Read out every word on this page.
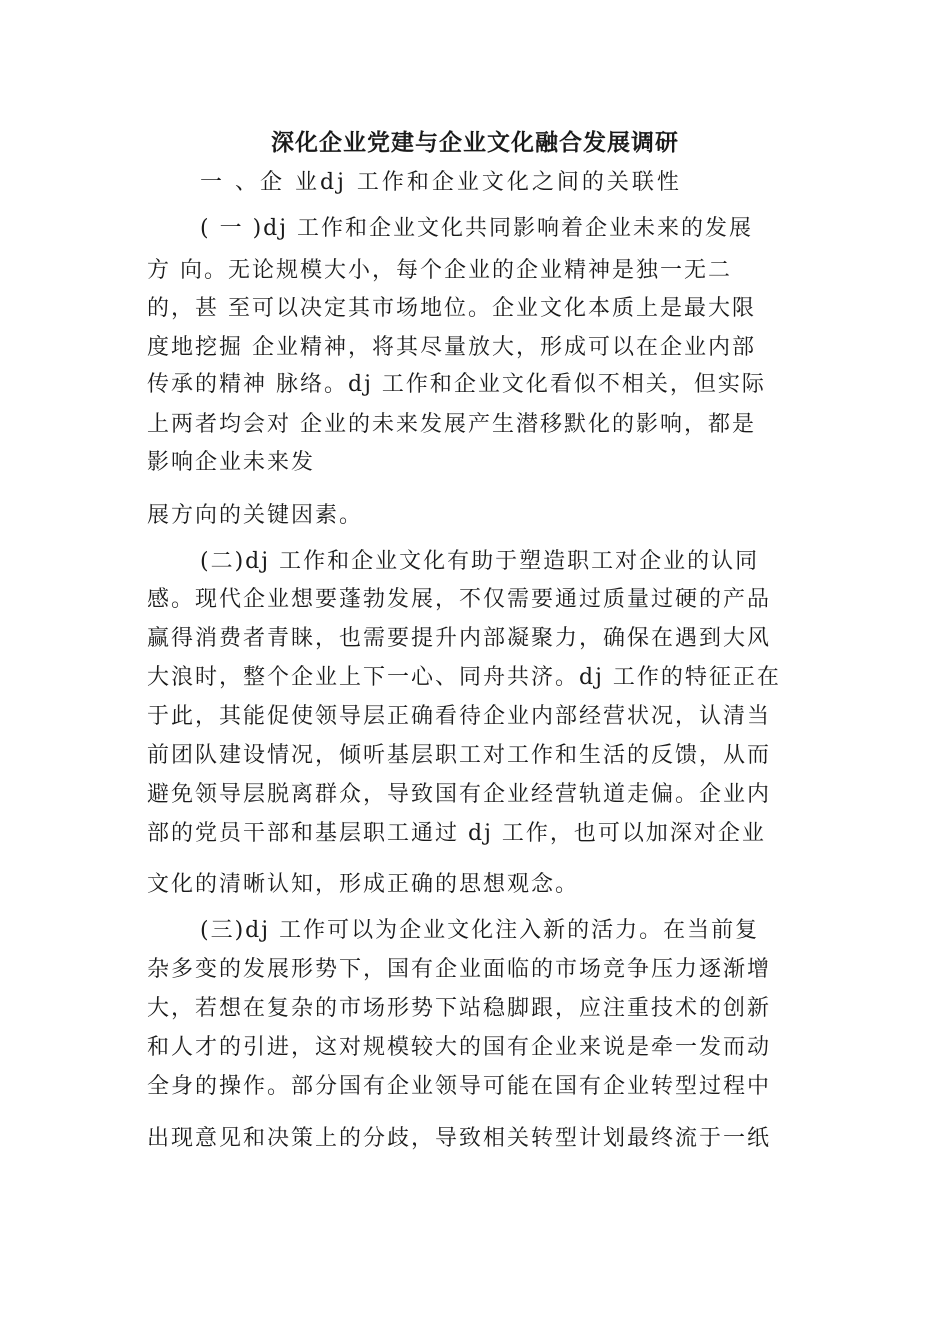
深化企业党建与企业文化融合发展调研
一 、企 业dj 工作和企业文化之间的关联性
( 一 )dj 工作和企业文化共同影响着企业未来的发展
方 向。无论规模大小，每个企业的企业精神是独一无二
的，甚 至可以决定其市场地位。企业文化本质上是最大限
度地挖掘 企业精神，将其尽量放大，形成可以在企业内部
传承的精神 脉络。dj 工作和企业文化看似不相关，但实际
上两者均会对 企业的未来发展产生潜移默化的影响，都是
影响企业未来发
展方向的关键因素。
(二)dj 工作和企业文化有助于塑造职工对企业的认同
感。现代企业想要蓬勃发展，不仅需要通过质量过硬的产品
赢得消费者青睐，也需要提升内部凝聚力，确保在遇到大风
大浪时，整个企业上下一心、同舟共济。dj 工作的特征正在
于此，其能促使领导层正确看待企业内部经营状况，认清当
前团队建设情况，倾听基层职工对工作和生活的反馈，从而
避免领导层脱离群众，导致国有企业经营轨道走偏。企业内
部的党员干部和基层职工通过 dj 工作，也可以加深对企业
文化的清晰认知，形成正确的思想观念。
(三)dj 工作可以为企业文化注入新的活力。在当前复
杂多变的发展形势下，国有企业面临的市场竞争压力逐渐增
大，若想在复杂的市场形势下站稳脚跟，应注重技术的创新
和人才的引进，这对规模较大的国有企业来说是牵一发而动
全身的操作。部分国有企业领导可能在国有企业转型过程中
出现意见和决策上的分歧，导致相关转型计划最终流于一纸
